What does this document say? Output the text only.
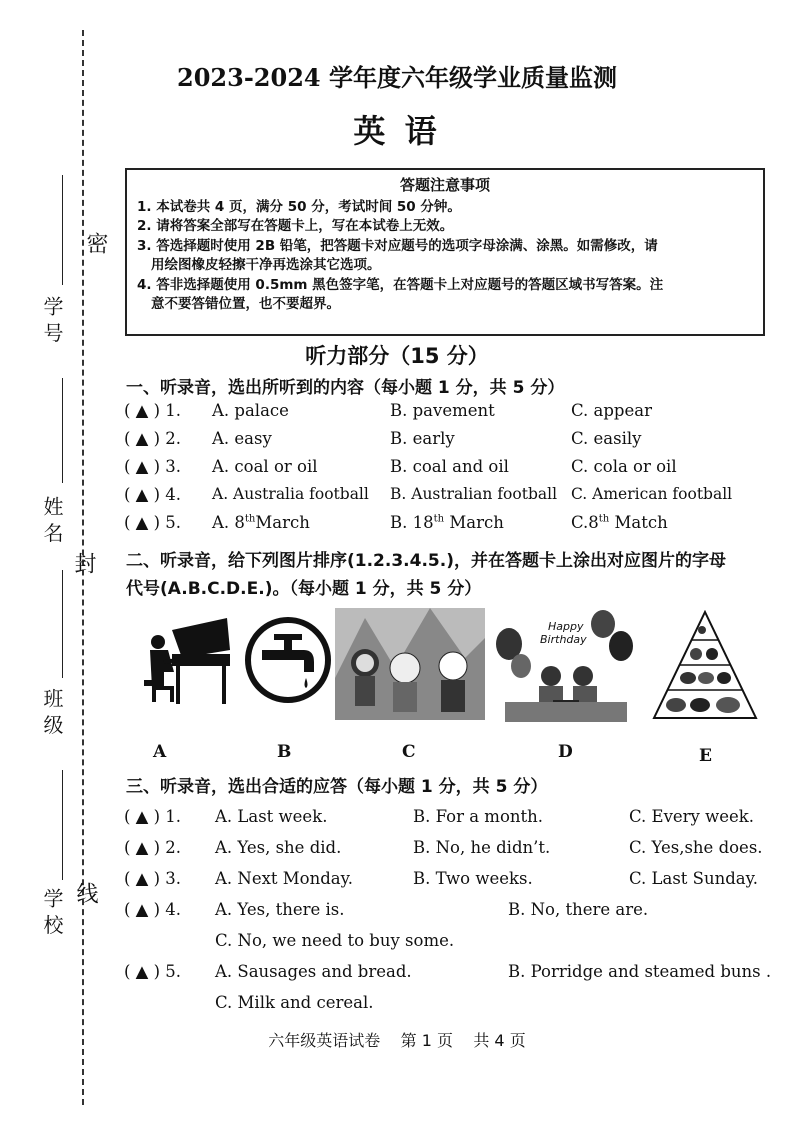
密
封
线
学 号
姓 名
班 级
学 校
2023-2024 学年度六年级学业质量监测
英 语
答题注意事项
1. 本试卷共 4 页，满分 50 分，考试时间 50 分钟。
2. 请将答案全部写在答题卡上，写在本试卷上无效。
3. 答选择题时使用 2B 铅笔，把答题卡对应题号的选项字母涂满、涂黑。如需修改，请
用绘图橡皮轻擦干净再选涂其它选项。
4. 答非选择题使用 0.5mm 黑色签字笔，在答题卡上对应题号的答题区域书写答案。注
意不要答错位置，也不要超界。
听力部分（15 分）
一、听录音，选出所听到的内容（每小题 1 分，共 5 分）
( ▲ ) 1. A. palace	B. pavement	C. appear
( ▲ ) 2. A. easy	B. early	C. easily
( ▲ ) 3. A. coal or oil	B. coal and oil	C. cola or oil
( ▲ ) 4. A. Australia football B. Australian football C. American football
( ▲ ) 5. A. 8thMarch	B. 18th March	C.8th Match
二、听录音，给下列图片排序(1.2.3.4.5.)，并在答题卡上涂出对应图片的字母
代号(A.B.C.D.E.)。（每小题 1 分，共 5 分）
Happy
Birthday
A	B	C	D	E
三、听录音，选出合适的应答（每小题 1 分，共 5 分）
( ▲ ) 1. A. Last week.	B. For a month.	C. Every week.
( ▲ ) 2. A. Yes, she did.	B. No, he didn’t.	C. Yes,she does.
( ▲ ) 3. A. Next Monday.	B. Two weeks.	C. Last Sunday.
( ▲ ) 4. A. Yes, there is.	B. No, there are.
C. No, we need to buy some.
( ▲ ) 5. A. Sausages and bread.	B. Porridge and steamed buns .
C. Milk and cereal.
六年级英语试卷    第 1 页    共 4 页
